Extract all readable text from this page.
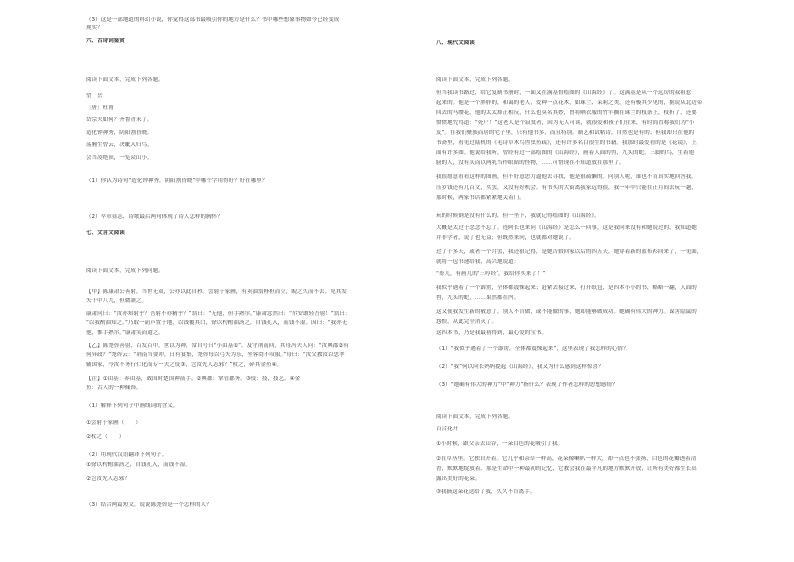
（3）这是一部地道的科幻小说，你觉得这部书最吸引你的地方是什么？书中哪些想象事物如今已经变成
现实？
六、古诗词鉴赏
阅读下面文本，完成下列各题。
望　岳
［唐］杜甫
岱宗夫如何？齐鲁青未了。
造化钟神秀，阴阳割昏晓。
荡胸生曾云，决眦入归鸟。
会当凌绝顶，一览众山小。
（1）你认为诗句“造化钟神秀，阴阳割昏晓”中哪个字用得好？好在哪里？
（2）卒章显志，诗歌最后两句体现了诗人怎样的胸怀？
七、文言文阅读
阅读下面文本，完成下列问题。
【甲】陈康肃公善射，当世无双，公亦以此自矜。尝射于家圃，有卖油翁释担而立，睨之久而不去。见其发
矢十中八九，但微颔之。
康肃问曰：“汝亦知射乎？吾射不亦精乎？”翁曰：“无他，但手熟尔。”康肃忿然曰：“尔安敢轻吾射！”翁曰：
“以我酌油知之。”乃取一葫芦置于地，以钱覆其口，徐以杓酌油沥之，自钱孔入，而钱不湿。因曰：“我亦无
他，惟手熟尔。”康肃笑而遣之。
【乙】陈尧咨善射，百发百中，世以为神，常自号曰“小由基①”。及守荆南回，其母冯夫人问：“汝典郡②有
何异政？”尧咨云：“荆南当要冲，日有宴集，尧咨每以弓矢为乐，坐客罔不叹服。”母曰：“汝父教汝以忠孝
辅国家，今汝不务行仁化而专一夫之伎③，岂汝先人志邪？”杖之，碎其金鱼④。
【注】①由基：养由基，战国时楚国神箭手。②典郡：掌管郡务。③伎：技，技艺。④金
鱼：古人的一种佩饰。
（1）解释下列句子中画线词的含义。
①尝射于家圃（　　）
②杖之（　　）
（2）用现代汉语翻译下列句子。
①徐以杓酌油沥之，自钱孔入，而钱不湿。
②岂汝先人志邪？
（3）结合两篇短文，说说陈尧咨是一个怎样的人？
八、现代文阅读
阅读下面文本，完成下列各题。
但当我读书路过，给它复制书册时，一面又在满基督绘图的《山海经》了。这满基是从一个远房的叔祖惹
起来的。他是一个胖胖的，和蔼的老人，爱种一点花木，如珠兰、茉莉之类，还有极其少见的，据说从北边带
回去的马缨花。他的太太却正相反，什么也莫名其妙，曾将晒衣服的竹竿搁在珠兰的枝条上，枝折了，还要
愤愤地咒骂道：“死尸！”这老人是个寂寞者，因为无人可谈，就很爱和孩子们往来，有时简直称我们为“小
友”。在我们聚族而居的宅子里，只有他书多，而且特别。制艺和试帖诗，自然也是有的；但我却只在他的
书斋里，看见过陆机的《毛诗草木鸟兽虫鱼疏》，还有许多名目很生的书籍。我那时最爱看的是《花镜》，上
面有许多图。他说给我听，曾经有过一部绘图的《山海经》，画着人面的兽，九头的蛇，三脚的鸟，生着翅
膀的人，没有头而以两乳当作眼睛的怪物，……可惜现在不知道放在那里了。
我很愿意看看这样的图画，但不好意思力逼他去寻找，他是很疏懒的。问别人呢，谁也不肯真实地回答我。
压岁钱还有几百文，买罢，又没有好机会。有书买的大街离我家远得很，我一年中只能在正月间去玩一趟，
那时候，两家书店都紧紧地关着门。
玩的时候倒是没有什么的，但一坐下，我就记得绘图的《山海经》。
大概是太过于念念不忘了，连阿长也来问《山海经》是怎么一回事。这是我向来没有和她说过的，我知道她
并非学者，说了也无益；但既然来问，也就都对她说了。
过了十多天，或者一个月罢，我还很记得，是她告假回家以后的四五天，她穿着新的蓝布衫回来了，一见面，
就将一包书递给我，高兴地说道：
“哥儿，有画儿的‘三哼经’，我给你买来了！”
我似乎遇着了一个霹雳，全体都震悚起来；赶紧去接过来，打开纸包，是四本小小的书，略略一翻，人面的
兽，九头的蛇，……果然都在内。
这又使我发生新的敬意了，别人不肯做，或不能做的事，她却能够做成功。她确有伟大的神力。谋害隐鼠的
怨恨，从此完全消灭了。
这四本书，乃是我最初得到，最心爱的宝书。
（1）“我似乎遇着了一个霹雳，全体都震悚起来”，这里表现了我怎样的心情？
（2）“我”何以向长妈妈提起《山海经》，我又为什么感到这样惊喜？
（3）“她确有伟大的神力”中“神力”指什么？表现了作者怎样的思想感情？
阅读下面文本，完成下列各题。
百合花开
①小时候，跟父亲去山谷，一朵白色的花吸引了我。
②在草丛里，它独自开着。它几乎和杂草一样高，花朵像喇叭一样大，却一点也不张扬，白色的花瓣透着清
香，默默地绽放着。那是生命中一种最初的记忆，它教会我在最平凡的地方默默开放，让所有美好都生长出
露出美好的花朵。
③我摘这朵花送给了我，久久不肯离手。
